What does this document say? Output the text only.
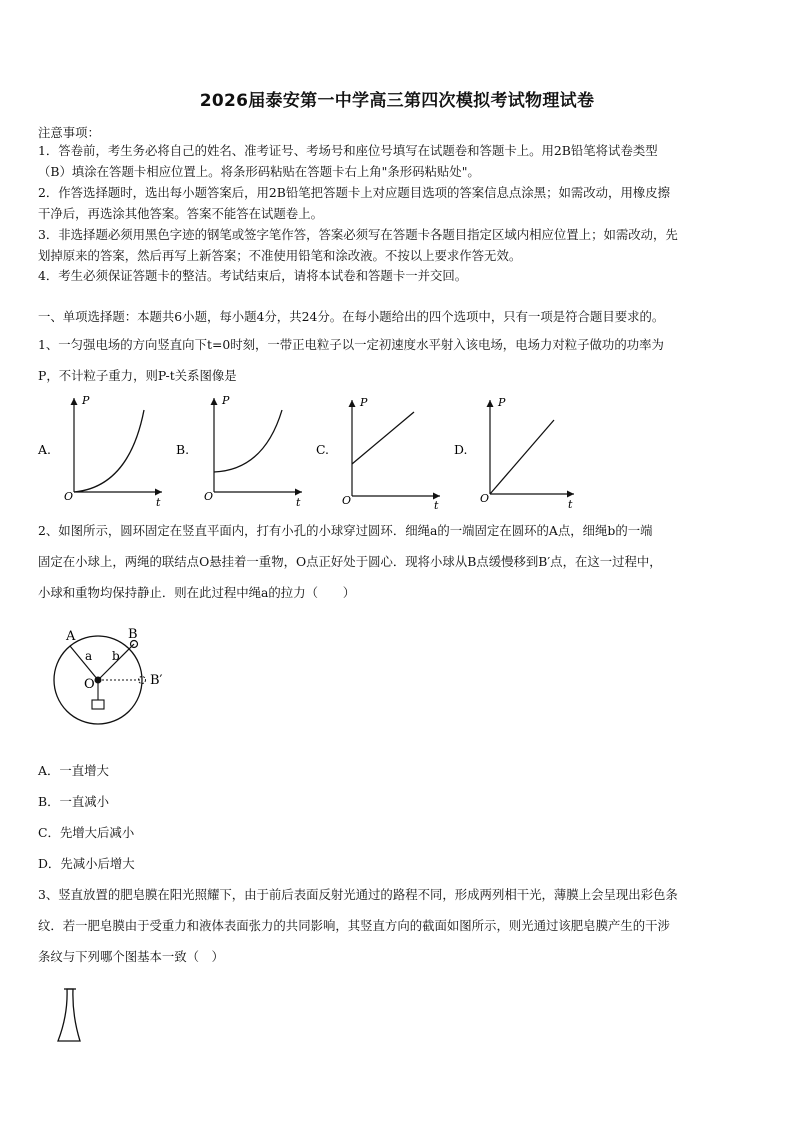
2026届泰安第一中学高三第四次模拟考试物理试卷
注意事项：
1．答卷前，考生务必将自己的姓名、准考证号、考场号和座位号填写在试题卷和答题卡上。用2B铅笔将试卷类型
（B）填涂在答题卡相应位置上。将条形码粘贴在答题卡右上角"条形码粘贴处"。
2．作答选择题时，选出每小题答案后，用2B铅笔把答题卡上对应题目选项的答案信息点涂黑；如需改动，用橡皮擦
干净后，再选涂其他答案。答案不能答在试题卷上。
3．非选择题必须用黑色字迹的钢笔或签字笔作答，答案必须写在答题卡各题目指定区域内相应位置上；如需改动，先
划掉原来的答案，然后再写上新答案；不准使用铅笔和涂改液。不按以上要求作答无效。
4．考生必须保证答题卡的整洁。考试结束后，请将本试卷和答题卡一并交回。
一、单项选择题：本题共6小题，每小题4分，共24分。在每小题给出的四个选项中，只有一项是符合题目要求的。
1、一匀强电场的方向竖直向下t=0时刻，一带正电粒子以一定初速度水平射入该电场，电场力对粒子做功的功率为
P，不计粒子重力，则P-t关系图像是
A.
P
t
O
B.
P
t
O
C.
P
t
O
D.
P
t
O
2、如图所示，圆环固定在竖直平面内，打有小孔的小球穿过圆环．细绳a的一端固定在圆环的A点，细绳b的一端
固定在小球上，两绳的联结点O悬挂着一重物，O点正好处于圆心．现将小球从B点缓慢移到B′点，在这一过程中，
小球和重物均保持静止．则在此过程中绳a的拉力（　　）
A	B
B′
O
a b
A．一直增大
B．一直减小
C．先增大后减小
D．先减小后增大
3、竖直放置的肥皂膜在阳光照耀下，由于前后表面反射光通过的路程不同，形成两列相干光，薄膜上会呈现出彩色条
纹．若一肥皂膜由于受重力和液体表面张力的共同影响，其竖直方向的截面如图所示，则光通过该肥皂膜产生的干涉
条纹与下列哪个图基本一致（　）
